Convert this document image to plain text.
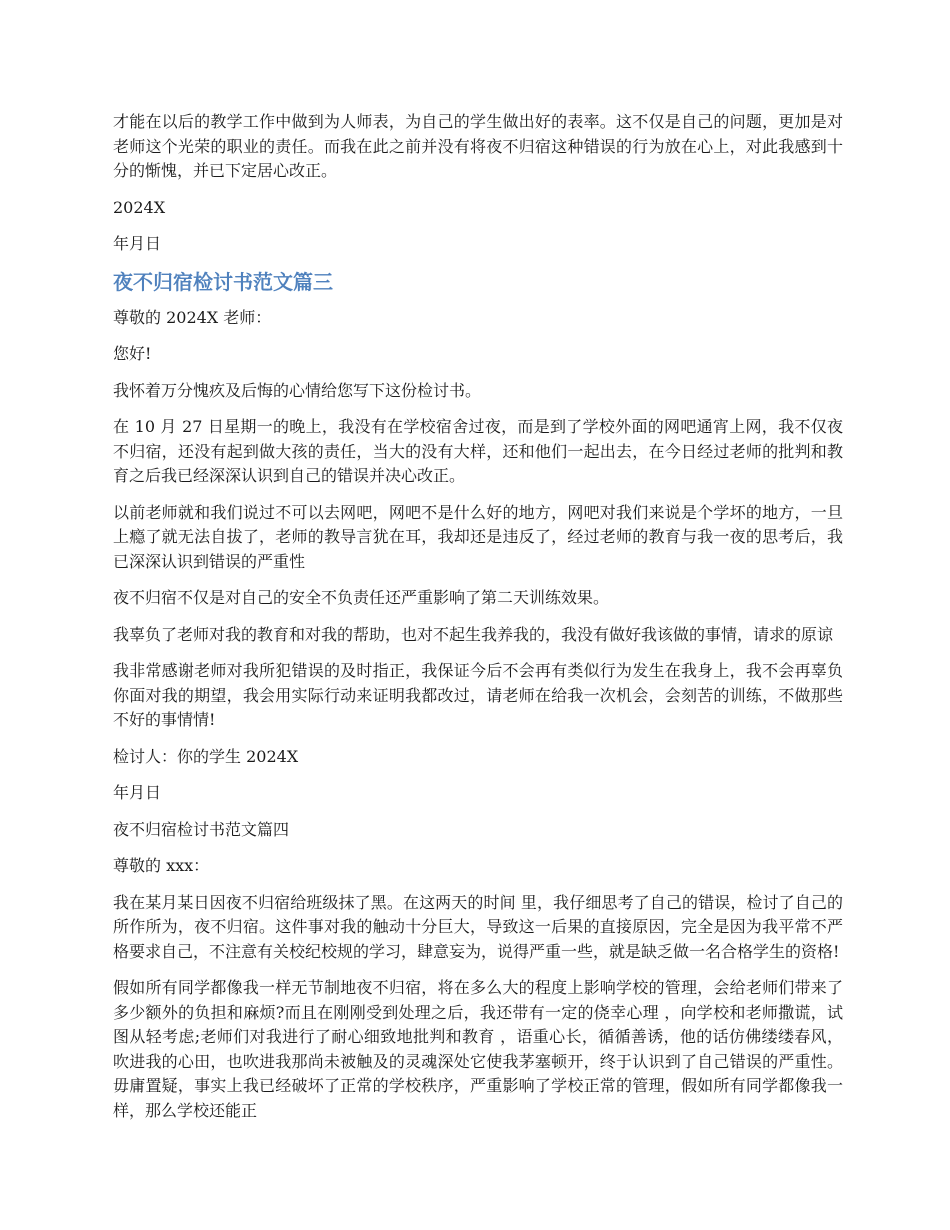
才能在以后的教学工作中做到为人师表，为自己的学生做出好的表率。这不仅是自己的问题，更加是对老师这个光荣的职业的责任。而我在此之前并没有将夜不归宿这种错误的行为放在心上，对此我感到十分的惭愧，并已下定居心改正。

2024X

年月日

夜不归宿检讨书范文篇三

尊敬的 2024X 老师：

您好!

我怀着万分愧疚及后悔的心情给您写下这份检讨书。

在 10 月 27 日星期一的晚上，我没有在学校宿舍过夜，而是到了学校外面的网吧通宵上网，我不仅夜不归宿，还没有起到做大孩的责任，当大的没有大样，还和他们一起出去，在今日经过老师的批判和教育之后我已经深深认识到自己的错误并决心改正。

以前老师就和我们说过不可以去网吧，网吧不是什么好的地方，网吧对我们来说是个学坏的地方，一旦上瘾了就无法自拔了，老师的教导言犹在耳，我却还是违反了，经过老师的教育与我一夜的思考后，我已深深认识到错误的严重性

夜不归宿不仅是对自己的安全不负责任还严重影响了第二天训练效果。

我辜负了老师对我的教育和对我的帮助，也对不起生我养我的，我没有做好我该做的事情，请求的原谅

我非常感谢老师对我所犯错误的及时指正，我保证今后不会再有类似行为发生在我身上，我不会再辜负你面对我的期望，我会用实际行动来证明我都改过，请老师在给我一次机会，会刻苦的训练，不做那些不好的事情情!

检讨人：你的学生 2024X

年月日

夜不归宿检讨书范文篇四

尊敬的 xxx：

我在某月某日因夜不归宿给班级抹了黑。在这两天的时间 里，我仔细思考了自己的错误，检讨了自己的所作所为，夜不归宿。这件事对我的触动十分巨大，导致这一后果的直接原因，完全是因为我平常不严格要求自己，不注意有关校纪校规的学习，肆意妄为，说得严重一些，就是缺乏做一名合格学生的资格!

假如所有同学都像我一样无节制地夜不归宿，将在多么大的程度上影响学校的管理，会给老师们带来了多少额外的负担和麻烦?而且在刚刚受到处理之后，我还带有一定的侥幸心理 ，向学校和老师撒谎，试图从轻考虑;老师们对我进行了耐心细致地批判和教育 ，语重心长，循循善诱，他的话仿佛缕缕春风，吹进我的心田，也吹进我那尚未被触及的灵魂深处它使我茅塞顿开，终于认识到了自己错误的严重性。毋庸置疑，事实上我已经破坏了正常的学校秩序，严重影响了学校正常的管理，假如所有同学都像我一样，那么学校还能正
